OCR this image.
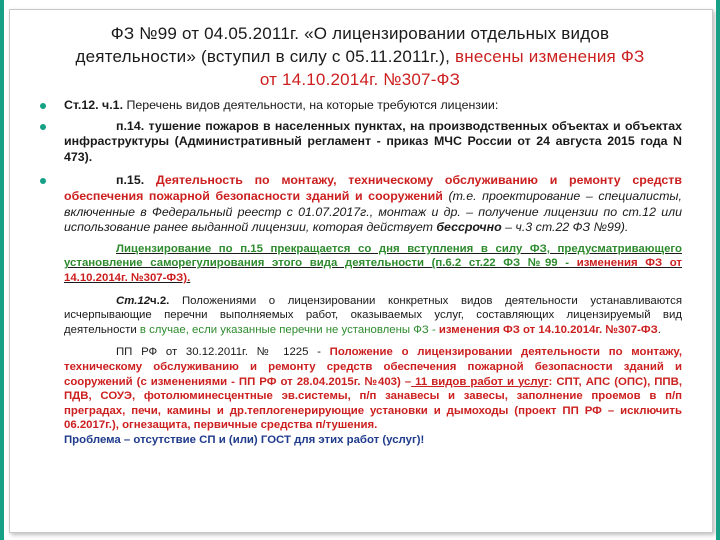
ФЗ №99 от 04.05.2011г. «О лицензировании отдельных видов
деятельности» (вступил в силу с 05.11.2011г.), внесены изменения ФЗ
от 14.10.2014г. №307-ФЗ
Ст.12. ч.1. Перечень видов деятельности, на которые требуются лицензии:
п.14. тушение пожаров в населенных пунктах, на производственных объектах и объектах инфраструктуры (Административный регламент - приказ МЧС России от 24 августа 2015 года N 473).
п.15. Деятельность по монтажу, техническому обслуживанию и ремонту средств обеспечения пожарной безопасности зданий и сооружений (т.е. проектирование – специалисты, включенные в Федеральный реестр с 01.07.2017г., монтаж и др. – получение лицензии по ст.12 или использование ранее выданной лицензии, которая действует бессрочно – ч.3 ст.22 ФЗ №99).
Лицензирование по п.15 прекращается со дня вступления в силу ФЗ, предусматривающего установление саморегулирования этого вида деятельности (п.6.2 ст.22 ФЗ №99 - изменения ФЗ от 14.10.2014г. №307-ФЗ).
Ст.12ч.2. Положениями о лицензировании конкретных видов деятельности устанавливаются исчерпывающие перечни выполняемых работ, оказываемых услуг, составляющих лицензируемый вид деятельности в случае, если указанные перечни не установлены ФЗ - изменения ФЗ от 14.10.2014г. №307-ФЗ.
ПП РФ от 30.12.2011г. № 1225 - Положение о лицензировании деятельности по монтажу, техническому обслуживанию и ремонту средств обеспечения пожарной безопасности зданий и сооружений (с изменениями - ПП РФ от 28.04.2015г. №403) – 11 видов работ и услуг: СПТ, АПС (ОПС), ППВ, ПДВ, СОУЭ, фотолюминесцентные эв.системы, п/п занавесы и завесы, заполнение проемов в п/п преградах, печи, камины и др.теплогенерирующие установки и дымоходы (проект ПП РФ – исключить 06.2017г.), огнезащита, первичные средства п/тушения.
Проблема – отсутствие СП и (или) ГОСТ для этих работ (услуг)!
